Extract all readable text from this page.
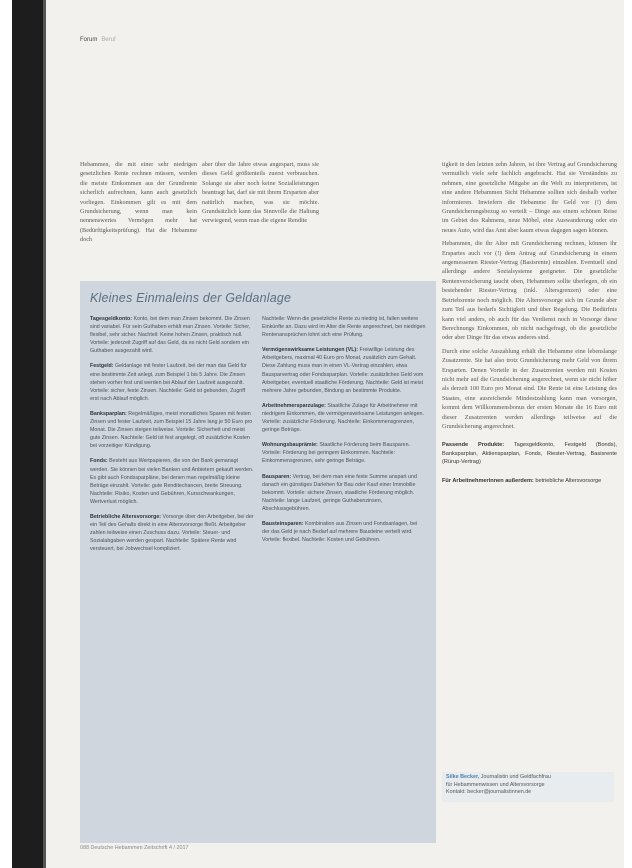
Forum Beruf

Hebammen, die mit einer sehr niedrigen gesetzlichen Rente rechnen müssen, werden die meiste Einkommen aus der Grundrente sicherlich aufrechnen, kann auch gesetzlich vorliegen. Einkommen gilt es mit dem Grundsicherung, wenn man kein nennenswertes Vermögen mehr hat (Bedürftigkeitsprüfung). Hat die Hebamme doch

aber über die Jahre etwas angespart, muss sie dieses Geld größtenteils zuerst verbrauchen. Solange sie aber noch keine Sozialleistungen beantragt hat, darf sie mit ihrem Ersparten aber natürlich machen, was sie möchte. Grundsätzlich kann das Sinnvolle die Haltung verwiegend, wenn man die eigene Rendite

tigkeit in den letzten zehn Jahren, ist ihre Vertrag auf Grundsicherung vermutlich viele sehr fachlich angebracht. Hat sie Verständnis zu nehmen, eine gesetzliche Mitgabe an die Welt zu interpretieren, ist eine andere Hebammen Sicht Hebamme sollten sich deshalb vorher informieren. Inwiefern die Hebamme ihr Geld vor (!) dem Grundsicherungsbezug so verteilt – Dinge aus einem schönen Reise im Gebiet des Rahmens, neue Möbel, eine Auswanderung oder ein neues Auto, wird das Amt aber kaum etwas dagegen sagen können.

Hebammen, die ihr Alter mit Grundsicherung rechnen, können ihr Erspartes auch vor (!) dem Antrag auf Grundsicherung in einem angemessenen Riester-Vertrag (Basisrente) einzahlen. Eventuell sind allerdings andere Sozialsysteme geeigneter. Die gesetzliche Rentenversicherung taucht oben, Hebammen sollte überlegen, ob ein bestehender Riester-Vertrag (inkl. Altersgrenzen) oder eine Betriebsrente noch möglich. Die Altersvorsorge sich im Grunde aber zum Teil aus bedarfs Sichtigkeit und über Regelung. Die Bedürfnis kann viel anders, ob auch für das Verdienst noch in Vorsorge diese Berechnungs Einkommen, ob nicht nachgefragt, ob die gesetzliche oder aber Dinge für das etwas anderes sind.

Durch eine solche Auszahlung erhält die Hebamme eine lebenslange Zusatzrente. Sie hat also trotz Grundsicherung mehr Geld von ihrem Ersparten. Denen Vorteile in der Zusatzrenten werden mit Kosten nicht mehr auf die Grundsicherung angerechnet, wenn sie nicht höher als derzeit 100 Euro pro Monat sind. Die Rente ist eine Leistung des Staates, eine ausreichende Mindestzahlung kann man vorsorgen, kommt dem Willkommensbonus der ersten Monate die 16 Euro mit dieser Zusatzrenten werden allerdings teilweise auf die Grundsicherung angerechnet.

Passende Produkte: Tagesgeldkonto, Festgeld (Bonds), Banksparplan, Aktiensparplan, Fonds, Riester-Vertrag, Basisrente (Rürup-Vertrag)
Für Arbeitnehmerinnen außerdem: betriebliche Altersvorsorge
Kleines Einmaleins der Geldanlage
Tagesgeldkonto: Konto, bei dem man Zinsen bekommt. Die Zinsen sind variabel. Für sein Guthaben erhält man Zinsen. Vorteile: Sicher, flexibel, sehr sicher. Nachteil: Keine hohen Zinsen, praktisch null. Vorteile: jederzeit Zugriff auf das Geld, da es nicht Geld sondern ein Guthaben ausgezahlt wird.
Festgeld: Geldanlage mit fester Laufzeit, bei der man das Geld für eine bestimmte Zeit anlegt, zum Beispiel 1 bis 5 Jahre. Die Zinsen stehen vorher fest und werden bei Ablauf der Laufzeit ausgezahlt. Vorteile: sicher, feste Zinsen. Nachteile: Geld ist gebunden, Zugriff erst nach Ablauf möglich.
Banksparplan: Regelmäßiges, meist monatliches Sparen mit festen Zinsen und fester Laufzeit, zum Beispiel 15 Jahre lang je 50 Euro pro Monat. Die Zinsen steigen teilweise. Vorteile: Sicherheit und meist gute Zinsen. Nachteile: Geld ist fest angelegt, oft zusätzliche Kosten bei vorzeitiger Kündigung.
Fonds: Besteht aus Wertpapieren, die von der Bank gemanagt werden. Sie können bei vielen Banken und Anbietern gekauft werden. Es gibt auch Fondssparpläne, bei denen man regelmäßig kleine Beträge einzahlt. Vorteile: gute Renditechancen, breite Streuung. Nachteile: Risiko, Kosten und Gebühren, Kursschwankungen, Wertverlust möglich.
Betriebliche Altersvorsorge: Vorsorge über den Arbeitgeber, bei der ein Teil des Gehalts direkt in eine Altersvorsorge fließt. Arbeitgeber zahlen teilweise einen Zuschuss dazu. Vorteile: Steuer- und Sozialabgaben werden gespart. Nachteile: Spätere Rente wird versteuert, bei Jobwechsel kompliziert.
Nachteile: Wenn die gesetzliche Rente zu niedrig ist, fallen weitere Einkünfte an. Dazu wird im Alter die Rente angerechnet, bei niedrigen Rentenansprüchen lohnt sich eine Prüfung.
Vermögenswirksame Leistungen (VL): Freiwillige Leistung des Arbeitgebers, maximal 40 Euro pro Monat, zusätzlich zum Gehalt. Diese Zahlung muss man in einen VL-Vertrag einzahlen, etwa Bausparvertrag oder Fondssparplan. Vorteile: zusätzliches Geld vom Arbeitgeber, eventuell staatliche Förderung. Nachteile: Geld ist meist mehrere Jahre gebunden, Bindung an bestimmte Produkte.
Arbeitnehmersparzulage: Staatliche Zulage für Arbeitnehmer mit niedrigem Einkommen, die vermögenswirksame Leistungen anlegen. Vorteile: zusätzliche Förderung. Nachteile: Einkommensgrenzen, geringe Beträge.
Wohnungsbauprämie: Staatliche Förderung beim Bausparen. Vorteile: Förderung bei geringem Einkommen. Nachteile: Einkommensgrenzen, sehr geringe Beträge.
Bausparen: Vertrag, bei dem man eine feste Summe anspart und danach ein günstiges Darlehen für Bau oder Kauf einer Immobilie bekommt. Vorteile: sichere Zinsen, staatliche Förderung möglich. Nachteile: lange Laufzeit, geringe Guthabenzinsen, Abschlussgebühren.
Bausteinsparen: Kombination aus Zinsen und Fondsanlagen, bei der das Geld je nach Bedarf auf mehrere Bausteine verteilt wird. Vorteile: flexibel. Nachteile: Kosten und Gebühren.
Silke Becker, Journalistin und Geldfachfrau
für Hebammenwissen und Altersvorsorge
Kontakt: becker@journalistinnen.de
088 Deutsche Hebammen Zeitschrift 4 / 2017
